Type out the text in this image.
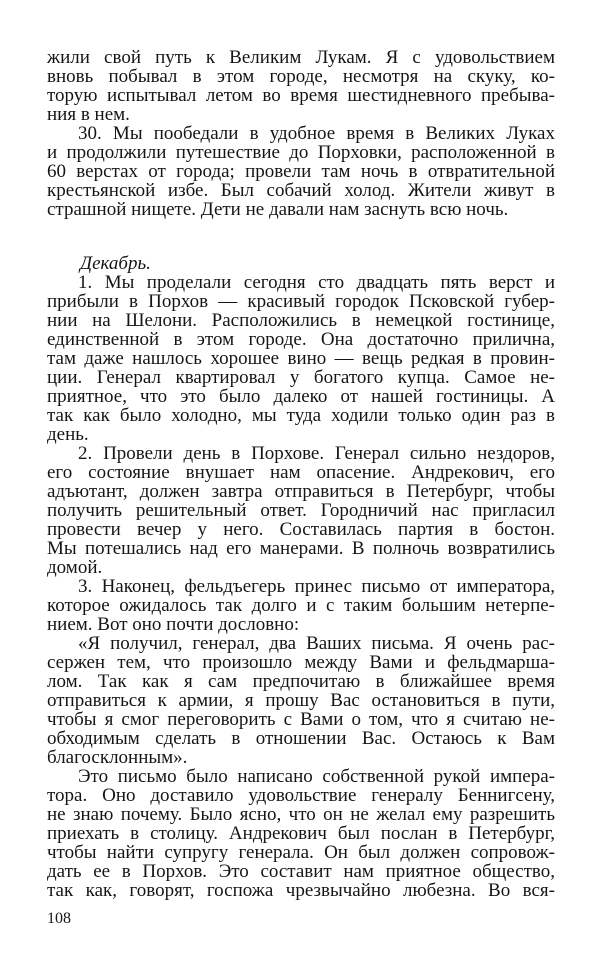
жили свой путь к Великим Лукам. Я с удовольствием
вновь побывал в этом городе, несмотря на скуку, ко-
торую испытывал летом во время шестидневного пребыва-
ния в нем.
30. Мы пообедали в удобное время в Великих Луках
и продолжили путешествие до Порховки, расположенной в
60 верстах от города; провели там ночь в отвратительной
крестьянской избе. Был собачий холод. Жители живут в
страшной нищете. Дети не давали нам заснуть всю ночь.
Декабрь.
1. Мы проделали сегодня сто двадцать пять верст и
прибыли в Порхов — красивый городок Псковской губер-
нии на Шелони. Расположились в немецкой гостинице,
единственной в этом городе. Она достаточно прилична,
там даже нашлось хорошее вино — вещь редкая в провин-
ции. Генерал квартировал у богатого купца. Самое не-
приятное, что это было далеко от нашей гостиницы. А
так как было холодно, мы туда ходили только один раз в
день.
2. Провели день в Порхове. Генерал сильно нездоров,
его состояние внушает нам опасение. Андрекович, его
адъютант, должен завтра отправиться в Петербург, чтобы
получить решительный ответ. Городничий нас пригласил
провести вечер у него. Составилась партия в бостон.
Мы потешались над его манерами. В полночь возвратились
домой.
3. Наконец, фельдъегерь принес письмо от императора,
которое ожидалось так долго и с таким большим нетерпе-
нием. Вот оно почти дословно:
«Я получил, генерал, два Ваших письма. Я очень рас-
сержен тем, что произошло между Вами и фельдмарша-
лом. Так как я сам предпочитаю в ближайшее время
отправиться к армии, я прошу Вас остановиться в пути,
чтобы я смог переговорить с Вами о том, что я считаю не-
обходимым сделать в отношении Вас. Остаюсь к Вам
благосклонным».
Это письмо было написано собственной рукой импера-
тора. Оно доставило удовольствие генералу Беннигсену,
не знаю почему. Было ясно, что он не желал ему разрешить
приехать в столицу. Андрекович был послан в Петербург,
чтобы найти супругу генерала. Он был должен сопровож-
дать ее в Порхов. Это составит нам приятное общество,
так как, говорят, госпожа чрезвычайно любезна. Во вся-
108
